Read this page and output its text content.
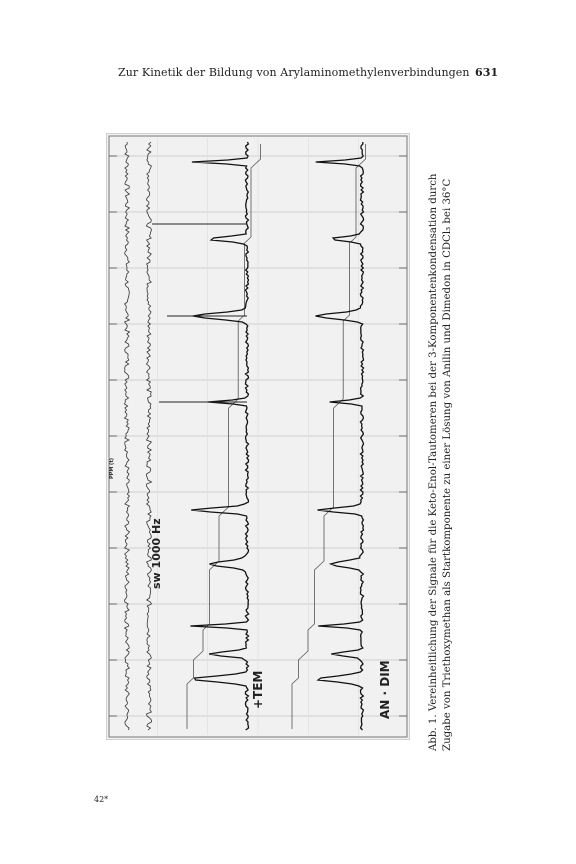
Zur Kinetik der Bildung von Arylaminomethylenverbindungen 631
sw 1000 Hz
+TEM	AN · DIM
PPM (t)	Abb. 1. Vereinheitlichung der Signale für die Keto-Enol-Tautomeren bei der 3-Komponentenkondensation durch Zugabe von Triethoxymethan als Startkomponente zu einer Lösung von Anilin und Dimedon in CDCl₃ bei 36°C
42*
